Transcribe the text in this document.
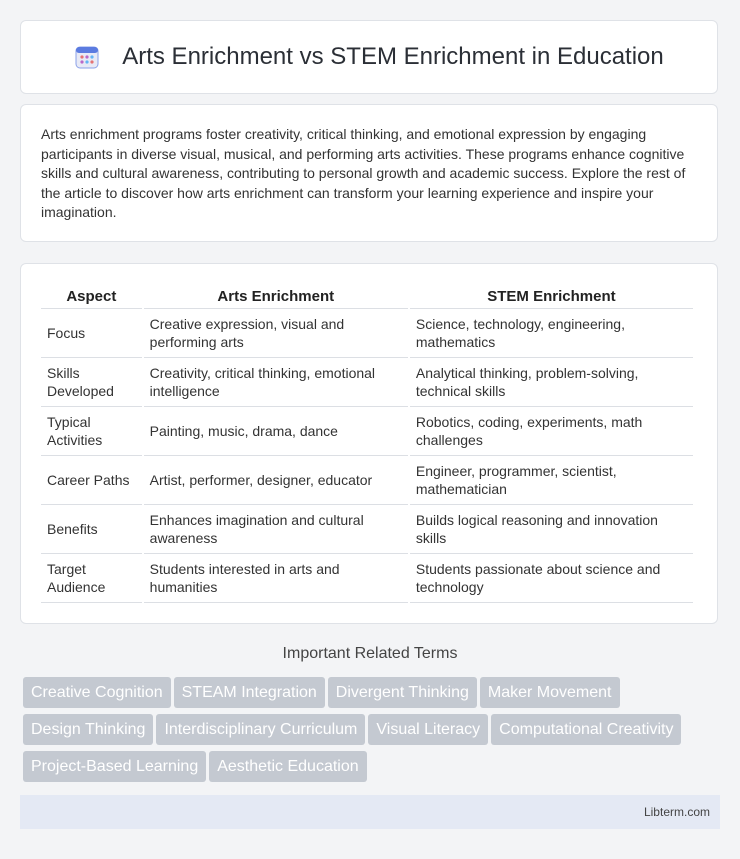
Arts Enrichment vs STEM Enrichment in Education

Arts enrichment programs foster creativity, critical thinking, and emotional expression by engaging participants in diverse visual, musical, and performing arts activities. These programs enhance cognitive skills and cultural awareness, contributing to personal growth and academic success. Explore the rest of the article to discover how arts enrichment can transform your learning experience and inspire your imagination.

Aspect	Arts Enrichment	STEM Enrichment
Focus	Creative expression, visual and performing arts	Science, technology, engineering, mathematics
Skills Developed	Creativity, critical thinking, emotional intelligence	Analytical thinking, problem-solving, technical skills
Typical Activities	Painting, music, drama, dance	Robotics, coding, experiments, math challenges
Career Paths	Artist, performer, designer, educator	Engineer, programmer, scientist, mathematician
Benefits	Enhances imagination and cultural awareness	Builds logical reasoning and innovation skills
Target Audience	Students interested in arts and humanities	Students passionate about science and technology
Important Related Terms
Creative Cognition STEAM Integration Divergent Thinking Maker Movement
Design Thinking Interdisciplinary Curriculum Visual Literacy Computational Creativity
Project-Based Learning Aesthetic Education
Libterm.com
